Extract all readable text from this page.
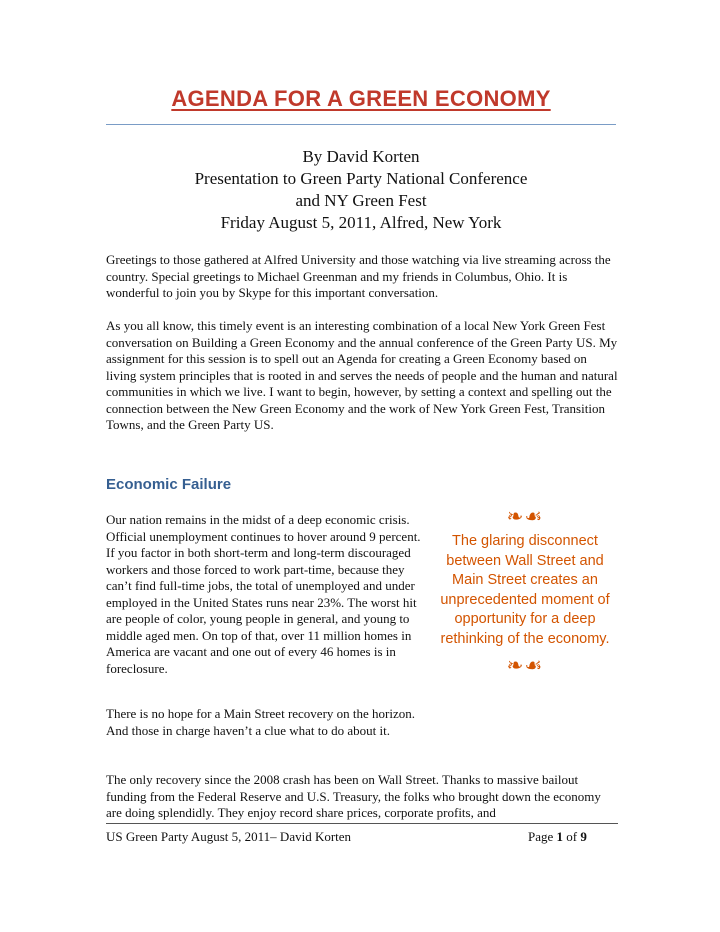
AGENDA FOR A GREEN ECONOMY
By David Korten
Presentation to Green Party National Conference
and NY Green Fest
Friday August 5, 2011, Alfred, New York

Greetings to those gathered at Alfred University and those watching via live streaming across the country. Special greetings to Michael Greenman and my friends in Columbus, Ohio. It is wonderful to join you by Skype for this important conversation.

As you all know, this timely event is an interesting combination of a local New York Green Fest conversation on Building a Green Economy and the annual conference of the Green Party US. My assignment for this session is to spell out an Agenda for creating a Green Economy based on living system principles that is rooted in and serves the needs of people and the human and natural communities in which we live. I want to begin, however, by setting a context and spelling out the connection between the New Green Economy and the work of New York Green Fest, Transition Towns, and the Green Party US.

Economic Failure

Our nation remains in the midst of a deep economic crisis. Official unemployment continues to hover around 9 percent. If you factor in both short-term and long-term discouraged workers and those forced to work part-time, because they can’t find full-time jobs, the total of unemployed and under employed in the United States runs near 23%. The worst hit are people of color, young people in general, and young to middle aged men. On top of that, over 11 million homes in America are vacant and one out of every 46 homes is in foreclosure.

There is no hope for a Main Street recovery on the horizon. And those in charge haven’t a clue what to do about it.

❧☙
The glaring disconnect between Wall Street and Main Street creates an unprecedented moment of opportunity for a deep rethinking of the economy.
❧☙

The only recovery since the 2008 crash has been on Wall Street. Thanks to massive bailout funding from the Federal Reserve and U.S. Treasury, the folks who brought down the economy are doing splendidly. They enjoy record share prices, corporate profits, and

US Green Party August 5, 2011– David Korten	Page 1 of 9
